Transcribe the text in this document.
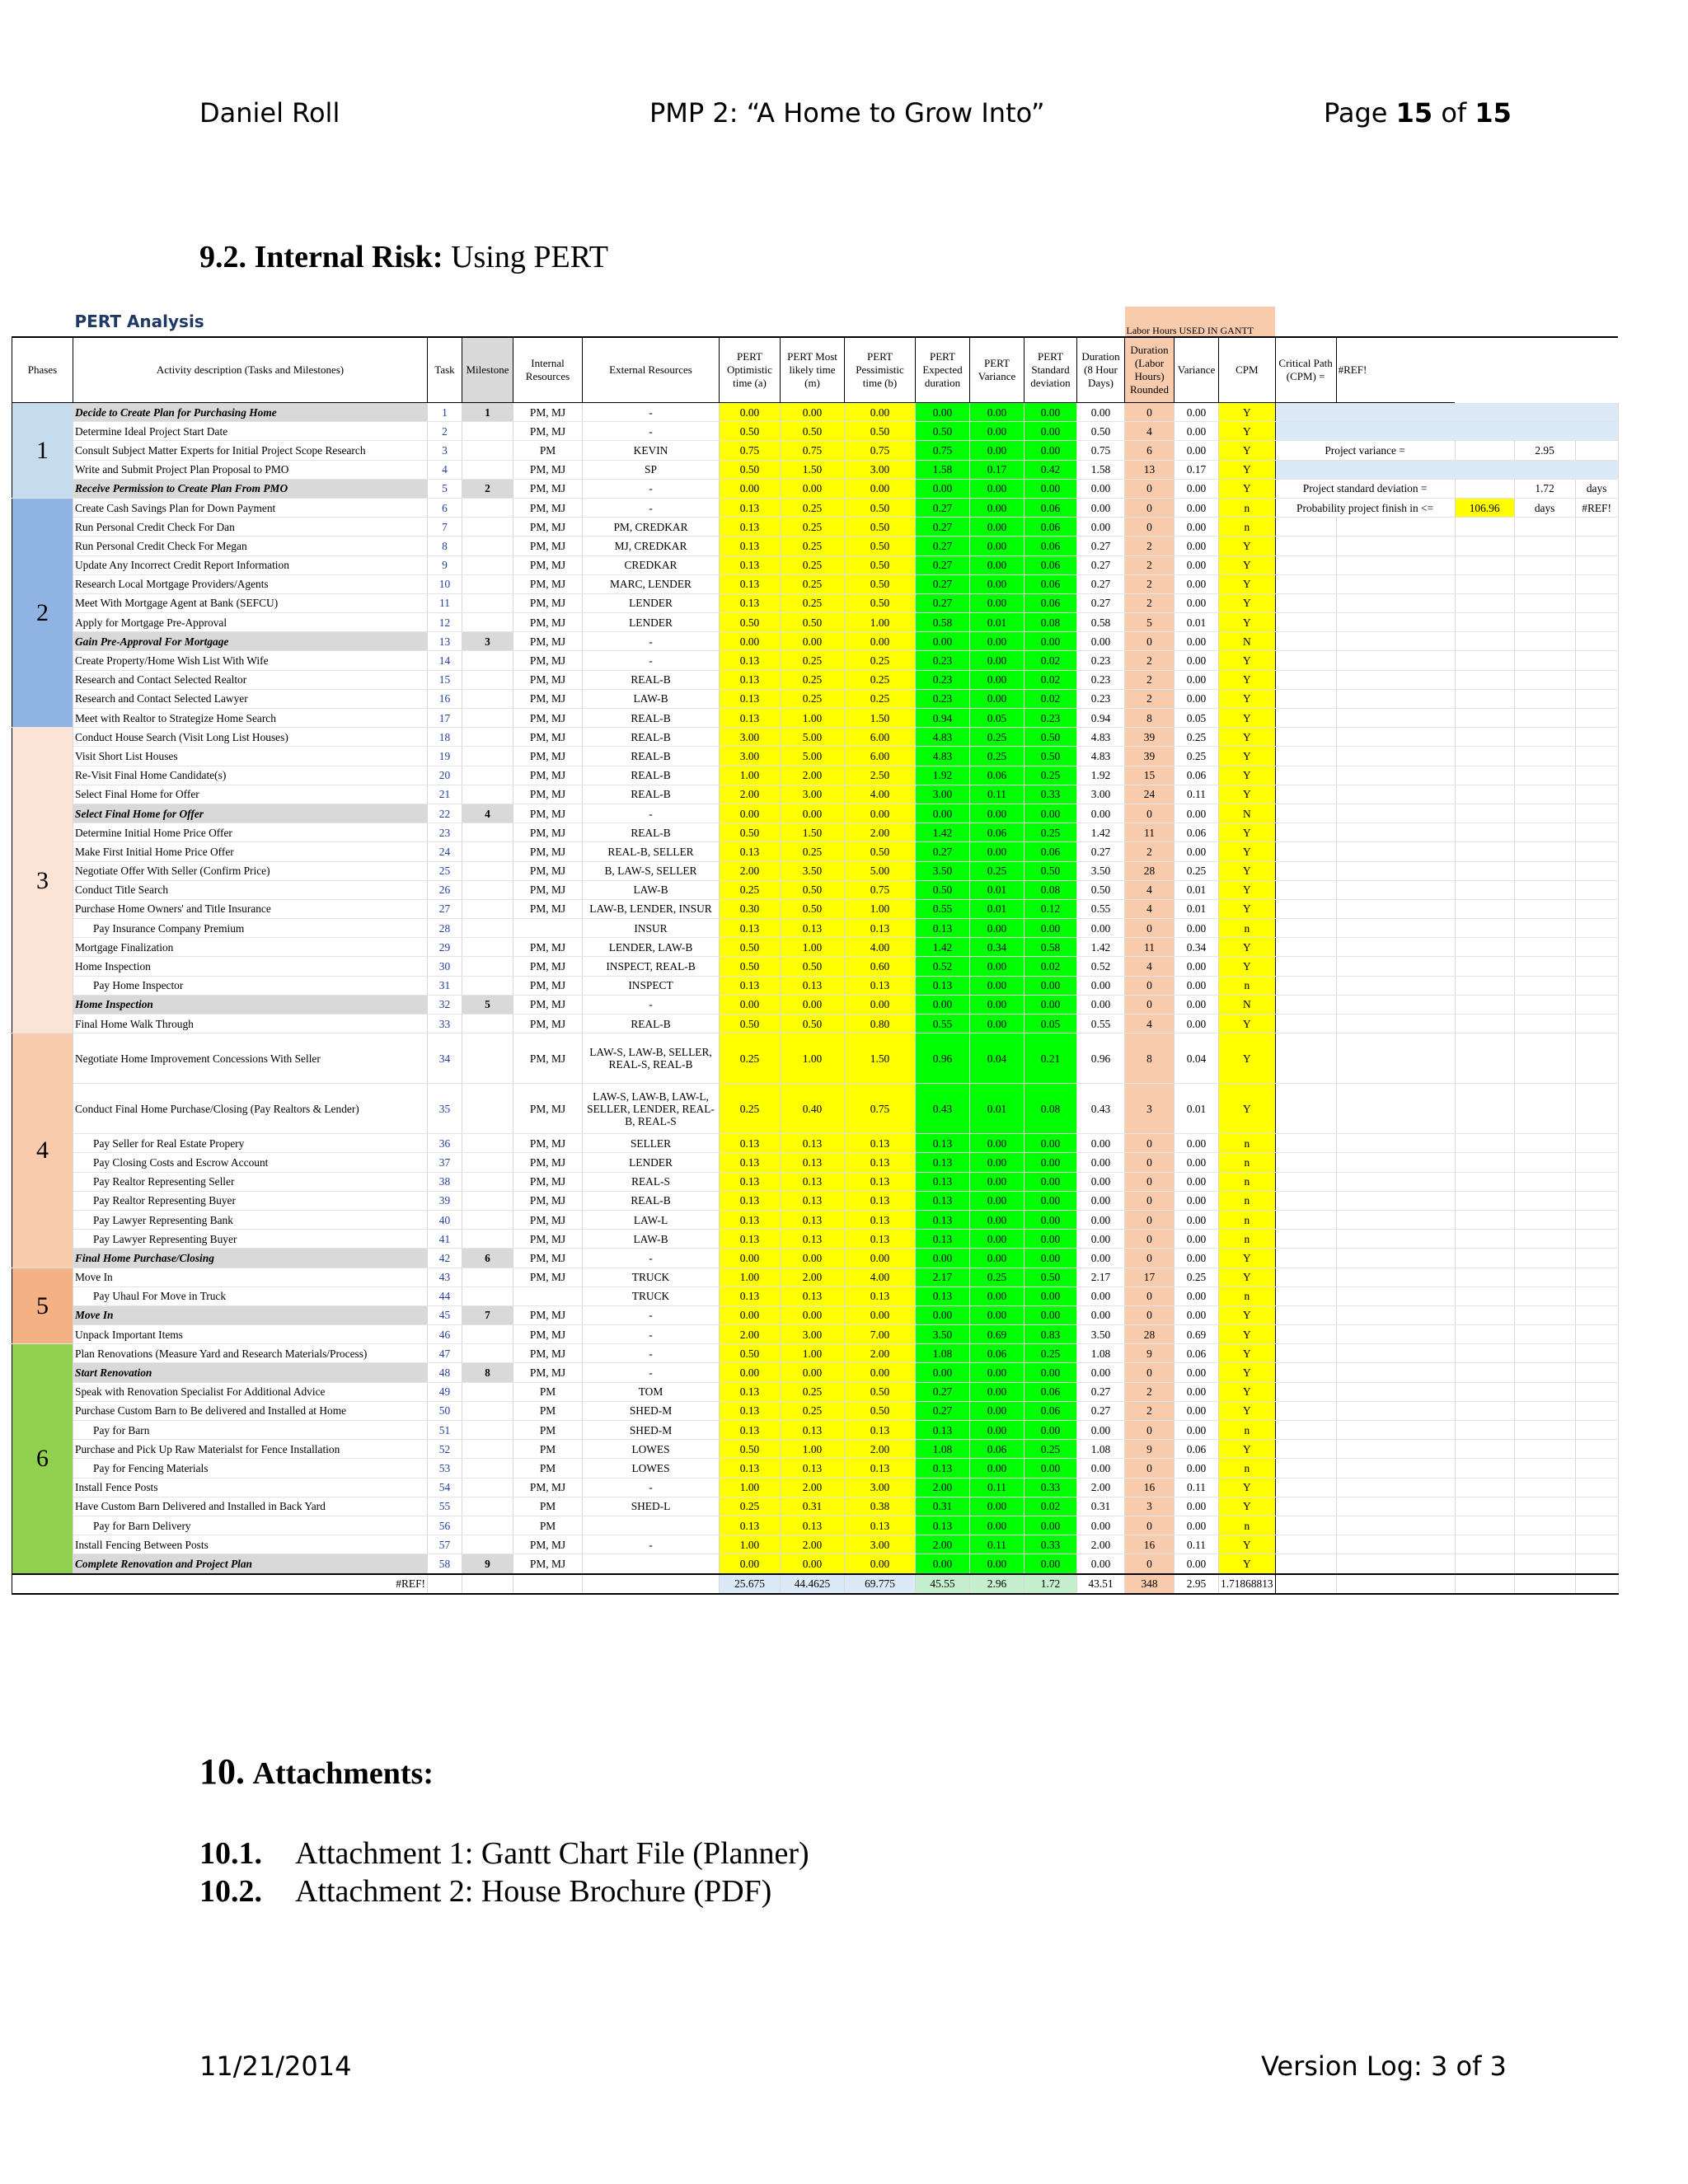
Daniel Roll	PMP 2: “A Home to Grow Into”	Page 15 of 15
9.2. Internal Risk: Using PERT
	PERT Analysis												Labor Hours USED IN GANTT							
Phases	Activity description (Tasks and Milestones)	Task	Milestone	Internal Resources	External Resources	PERT Optimistic time (a)	PERT Most likely time (m)	PERT Pessimistic time (b)	PERT Expected duration	PERT Variance	PERT Standard deviation	Duration (8 Hour Days)	Duration (Labor Hours) Rounded	Variance	CPM	Critical Path (CPM) =	#REF!			
1	Decide to Create Plan for Purchasing Home	1	1	PM, MJ	-	0.00	0.00	0.00	0.00	0.00	0.00	0.00	0	0.00	Y					
	Determine Ideal Project Start Date	2		PM, MJ	-	0.50	0.50	0.50	0.50	0.00	0.00	0.50	4	0.00	Y					
	Consult Subject Matter Experts for Initial Project Scope Research	3		PM	KEVIN	0.75	0.75	0.75	0.75	0.00	0.00	0.75	6	0.00	Y	Project variance =			2.95	
	Write and Submit Project Plan Proposal to PMO	4		PM, MJ	SP	0.50	1.50	3.00	1.58	0.17	0.42	1.58	13	0.17	Y					
	Receive Permission to Create Plan From PMO	5	2	PM, MJ	-	0.00	0.00	0.00	0.00	0.00	0.00	0.00	0	0.00	Y	Project standard deviation =			1.72	days
2	Create Cash Savings Plan for Down Payment	6		PM, MJ	-	0.13	0.25	0.50	0.27	0.00	0.06	0.00	0	0.00	n	Probability project finish in <=		106.96	days	#REF!
	Run Personal Credit Check For Dan	7		PM, MJ	PM, CREDKAR	0.13	0.25	0.50	0.27	0.00	0.06	0.00	0	0.00	n					
	Run Personal Credit Check For Megan	8		PM, MJ	MJ, CREDKAR	0.13	0.25	0.50	0.27	0.00	0.06	0.27	2	0.00	Y					
	Update Any Incorrect Credit Report Information	9		PM, MJ	CREDKAR	0.13	0.25	0.50	0.27	0.00	0.06	0.27	2	0.00	Y					
	Research Local Mortgage Providers/Agents	10		PM, MJ	MARC, LENDER	0.13	0.25	0.50	0.27	0.00	0.06	0.27	2	0.00	Y					
	Meet With Mortgage Agent at Bank (SEFCU)	11		PM, MJ	LENDER	0.13	0.25	0.50	0.27	0.00	0.06	0.27	2	0.00	Y					
	Apply for Mortgage Pre-Approval	12		PM, MJ	LENDER	0.50	0.50	1.00	0.58	0.01	0.08	0.58	5	0.01	Y					
	Gain Pre-Approval For Mortgage	13	3	PM, MJ	-	0.00	0.00	0.00	0.00	0.00	0.00	0.00	0	0.00	N					
	Create Property/Home Wish List With Wife	14		PM, MJ	-	0.13	0.25	0.25	0.23	0.00	0.02	0.23	2	0.00	Y					
	Research and Contact Selected Realtor	15		PM, MJ	REAL-B	0.13	0.25	0.25	0.23	0.00	0.02	0.23	2	0.00	Y					
	Research and Contact Selected Lawyer	16		PM, MJ	LAW-B	0.13	0.25	0.25	0.23	0.00	0.02	0.23	2	0.00	Y					
	Meet with Realtor to Strategize Home Search	17		PM, MJ	REAL-B	0.13	1.00	1.50	0.94	0.05	0.23	0.94	8	0.05	Y					
3	Conduct House Search (Visit Long List Houses)	18		PM, MJ	REAL-B	3.00	5.00	6.00	4.83	0.25	0.50	4.83	39	0.25	Y					
	Visit Short List Houses	19		PM, MJ	REAL-B	3.00	5.00	6.00	4.83	0.25	0.50	4.83	39	0.25	Y					
	Re-Visit Final Home Candidate(s)	20		PM, MJ	REAL-B	1.00	2.00	2.50	1.92	0.06	0.25	1.92	15	0.06	Y					
	Select Final Home for Offer	21		PM, MJ	REAL-B	2.00	3.00	4.00	3.00	0.11	0.33	3.00	24	0.11	Y					
	Select Final Home for Offer	22	4	PM, MJ	-	0.00	0.00	0.00	0.00	0.00	0.00	0.00	0	0.00	N					
	Determine Initial Home Price Offer	23		PM, MJ	REAL-B	0.50	1.50	2.00	1.42	0.06	0.25	1.42	11	0.06	Y					
	Make First Initial Home Price Offer	24		PM, MJ	REAL-B, SELLER	0.13	0.25	0.50	0.27	0.00	0.06	0.27	2	0.00	Y					
	Negotiate Offer With Seller (Confirm Price)	25		PM, MJ	B, LAW-S, SELLER	2.00	3.50	5.00	3.50	0.25	0.50	3.50	28	0.25	Y					
	Conduct Title Search	26		PM, MJ	LAW-B	0.25	0.50	0.75	0.50	0.01	0.08	0.50	4	0.01	Y					
	Purchase Home Owners' and Title Insurance	27		PM, MJ	LAW-B, LENDER, INSUR	0.30	0.50	1.00	0.55	0.01	0.12	0.55	4	0.01	Y					
	Pay Insurance Company Premium	28			INSUR	0.13	0.13	0.13	0.13	0.00	0.00	0.00	0	0.00	n					
	Mortgage Finalization	29		PM, MJ	LENDER, LAW-B	0.50	1.00	4.00	1.42	0.34	0.58	1.42	11	0.34	Y					
	Home Inspection	30		PM, MJ	INSPECT, REAL-B	0.50	0.50	0.60	0.52	0.00	0.02	0.52	4	0.00	Y					
	Pay Home Inspector	31		PM, MJ	INSPECT	0.13	0.13	0.13	0.13	0.00	0.00	0.00	0	0.00	n					
	Home Inspection	32	5	PM, MJ	-	0.00	0.00	0.00	0.00	0.00	0.00	0.00	0	0.00	N					
	Final Home Walk Through	33		PM, MJ	REAL-B	0.50	0.50	0.80	0.55	0.00	0.05	0.55	4	0.00	Y					
4	Negotiate Home Improvement Concessions With Seller	34		PM, MJ	LAW-S, LAW-B, SELLER, REAL-S, REAL-B	0.25	1.00	1.50	0.96	0.04	0.21	0.96	8	0.04	Y					
	Conduct Final Home Purchase/Closing (Pay Realtors & Lender)	35		PM, MJ	LAW-S, LAW-B, LAW-L, SELLER, LENDER, REAL-B, REAL-S	0.25	0.40	0.75	0.43	0.01	0.08	0.43	3	0.01	Y					
	Pay Seller for Real Estate Propery	36		PM, MJ	SELLER	0.13	0.13	0.13	0.13	0.00	0.00	0.00	0	0.00	n					
	Pay Closing Costs and Escrow Account	37		PM, MJ	LENDER	0.13	0.13	0.13	0.13	0.00	0.00	0.00	0	0.00	n					
	Pay Realtor Representing Seller	38		PM, MJ	REAL-S	0.13	0.13	0.13	0.13	0.00	0.00	0.00	0	0.00	n					
	Pay Realtor Representing Buyer	39		PM, MJ	REAL-B	0.13	0.13	0.13	0.13	0.00	0.00	0.00	0	0.00	n					
	Pay Lawyer Representing Bank	40		PM, MJ	LAW-L	0.13	0.13	0.13	0.13	0.00	0.00	0.00	0	0.00	n					
	Pay Lawyer Representing Buyer	41		PM, MJ	LAW-B	0.13	0.13	0.13	0.13	0.00	0.00	0.00	0	0.00	n					
	Final Home Purchase/Closing	42	6	PM, MJ	-	0.00	0.00	0.00	0.00	0.00	0.00	0.00	0	0.00	Y					
5	Move In	43		PM, MJ	TRUCK	1.00	2.00	4.00	2.17	0.25	0.50	2.17	17	0.25	Y					
	Pay Uhaul For Move in Truck	44			TRUCK	0.13	0.13	0.13	0.13	0.00	0.00	0.00	0	0.00	n					
	Move In	45	7	PM, MJ	-	0.00	0.00	0.00	0.00	0.00	0.00	0.00	0	0.00	Y					
	Unpack Important Items	46		PM, MJ	-	2.00	3.00	7.00	3.50	0.69	0.83	3.50	28	0.69	Y					
6	Plan Renovations (Measure Yard and Research Materials/Process)	47		PM, MJ	-	0.50	1.00	2.00	1.08	0.06	0.25	1.08	9	0.06	Y					
	Start Renovation	48	8	PM, MJ	-	0.00	0.00	0.00	0.00	0.00	0.00	0.00	0	0.00	Y					
	Speak with Renovation Specialist For Additional Advice	49		PM	TOM	0.13	0.25	0.50	0.27	0.00	0.06	0.27	2	0.00	Y					
	Purchase Custom Barn to Be delivered and Installed at Home	50		PM	SHED-M	0.13	0.25	0.50	0.27	0.00	0.06	0.27	2	0.00	Y					
	Pay for Barn	51		PM	SHED-M	0.13	0.13	0.13	0.13	0.00	0.00	0.00	0	0.00	n					
	Purchase and Pick Up Raw Materialst for Fence Installation	52		PM	LOWES	0.50	1.00	2.00	1.08	0.06	0.25	1.08	9	0.06	Y					
	Pay for Fencing Materials	53		PM	LOWES	0.13	0.13	0.13	0.13	0.00	0.00	0.00	0	0.00	n					
	Install Fence Posts	54		PM, MJ	-	1.00	2.00	3.00	2.00	0.11	0.33	2.00	16	0.11	Y					
	Have Custom Barn Delivered and Installed in Back Yard	55		PM	SHED-L	0.25	0.31	0.38	0.31	0.00	0.02	0.31	3	0.00	Y					
	Pay for Barn Delivery	56		PM		0.13	0.13	0.13	0.13	0.00	0.00	0.00	0	0.00	n					
	Install Fencing Between Posts	57		PM, MJ	-	1.00	2.00	3.00	2.00	0.11	0.33	2.00	16	0.11	Y					
	Complete Renovation and Project Plan	58	9	PM, MJ		0.00	0.00	0.00	0.00	0.00	0.00	0.00	0	0.00	Y					
#REF!						25.675	44.4625	69.775	45.55	2.96	1.72	43.51	348	2.95	1.71868813					
10. Attachments:
10.1. Attachment 1: Gantt Chart File (Planner)
10.2. Attachment 2: House Brochure (PDF)
11/21/2014	Version Log: 3 of 3
